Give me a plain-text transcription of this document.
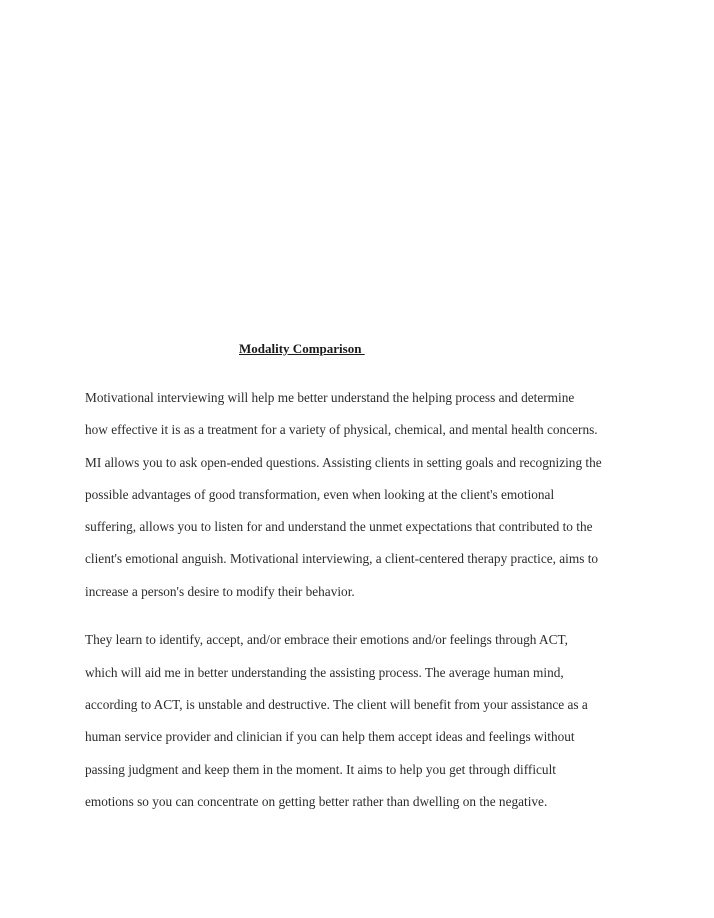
Modality Comparison
Motivational interviewing will help me better understand the helping process and determine
how effective it is as a treatment for a variety of physical, chemical, and mental health concerns.
MI allows you to ask open-ended questions. Assisting clients in setting goals and recognizing the
possible advantages of good transformation, even when looking at the client's emotional
suffering, allows you to listen for and understand the unmet expectations that contributed to the
client's emotional anguish. Motivational interviewing, a client-centered therapy practice, aims to
increase a person's desire to modify their behavior.
They learn to identify, accept, and/or embrace their emotions and/or feelings through ACT,
which will aid me in better understanding the assisting process. The average human mind,
according to ACT, is unstable and destructive. The client will benefit from your assistance as a
human service provider and clinician if you can help them accept ideas and feelings without
passing judgment and keep them in the moment. It aims to help you get through difficult
emotions so you can concentrate on getting better rather than dwelling on the negative.
